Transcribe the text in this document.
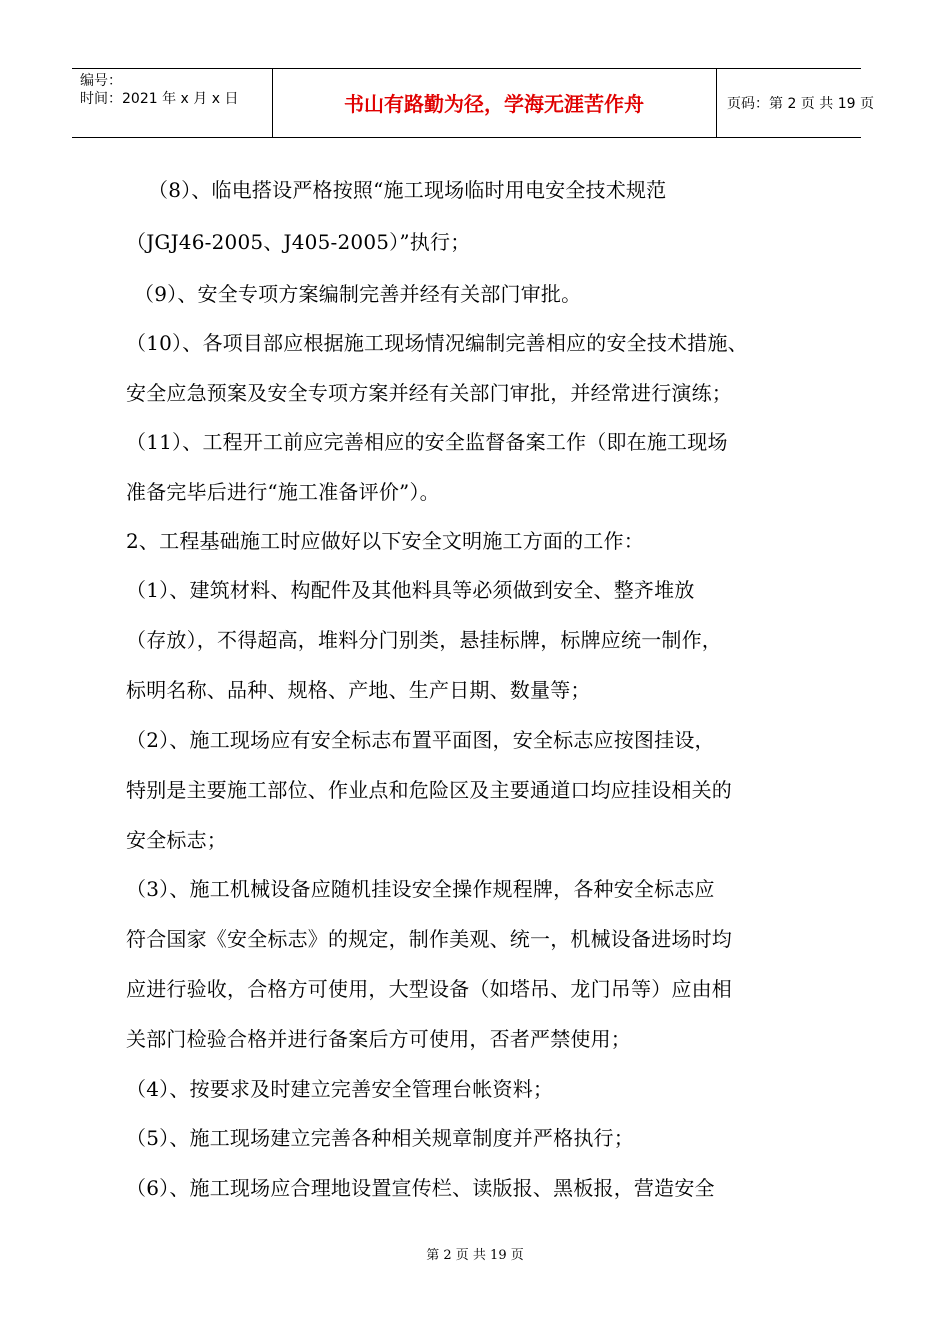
编号：
时间：2021 年 x 月 x 日	书山有路勤为径，学海无涯苦作舟	页码：第 2 页 共 19 页
（8）、临电搭设严格按照“施工现场临时用电安全技术规范
（JGJ46-2005、J405-2005）”执行；
（9）、安全专项方案编制完善并经有关部门审批。
（10）、各项目部应根据施工现场情况编制完善相应的安全技术措施、
安全应急预案及安全专项方案并经有关部门审批，并经常进行演练；
（11）、工程开工前应完善相应的安全监督备案工作（即在施工现场
准备完毕后进行“施工准备评价”）。
2、工程基础施工时应做好以下安全文明施工方面的工作：
（1）、建筑材料、构配件及其他料具等必须做到安全、整齐堆放
（存放），不得超高，堆料分门别类，悬挂标牌，标牌应统一制作，
标明名称、品种、规格、产地、生产日期、数量等；
（2）、施工现场应有安全标志布置平面图，安全标志应按图挂设，
特别是主要施工部位、作业点和危险区及主要通道口均应挂设相关的
安全标志；
（3）、施工机械设备应随机挂设安全操作规程牌，各种安全标志应
符合国家《安全标志》的规定，制作美观、统一，机械设备进场时均
应进行验收，合格方可使用，大型设备（如塔吊、龙门吊等）应由相
关部门检验合格并进行备案后方可使用，否者严禁使用；
（4）、按要求及时建立完善安全管理台帐资料；
（5）、施工现场建立完善各种相关规章制度并严格执行；
（6）、施工现场应合理地设置宣传栏、读版报、黑板报，营造安全
第 2 页 共 19 页
